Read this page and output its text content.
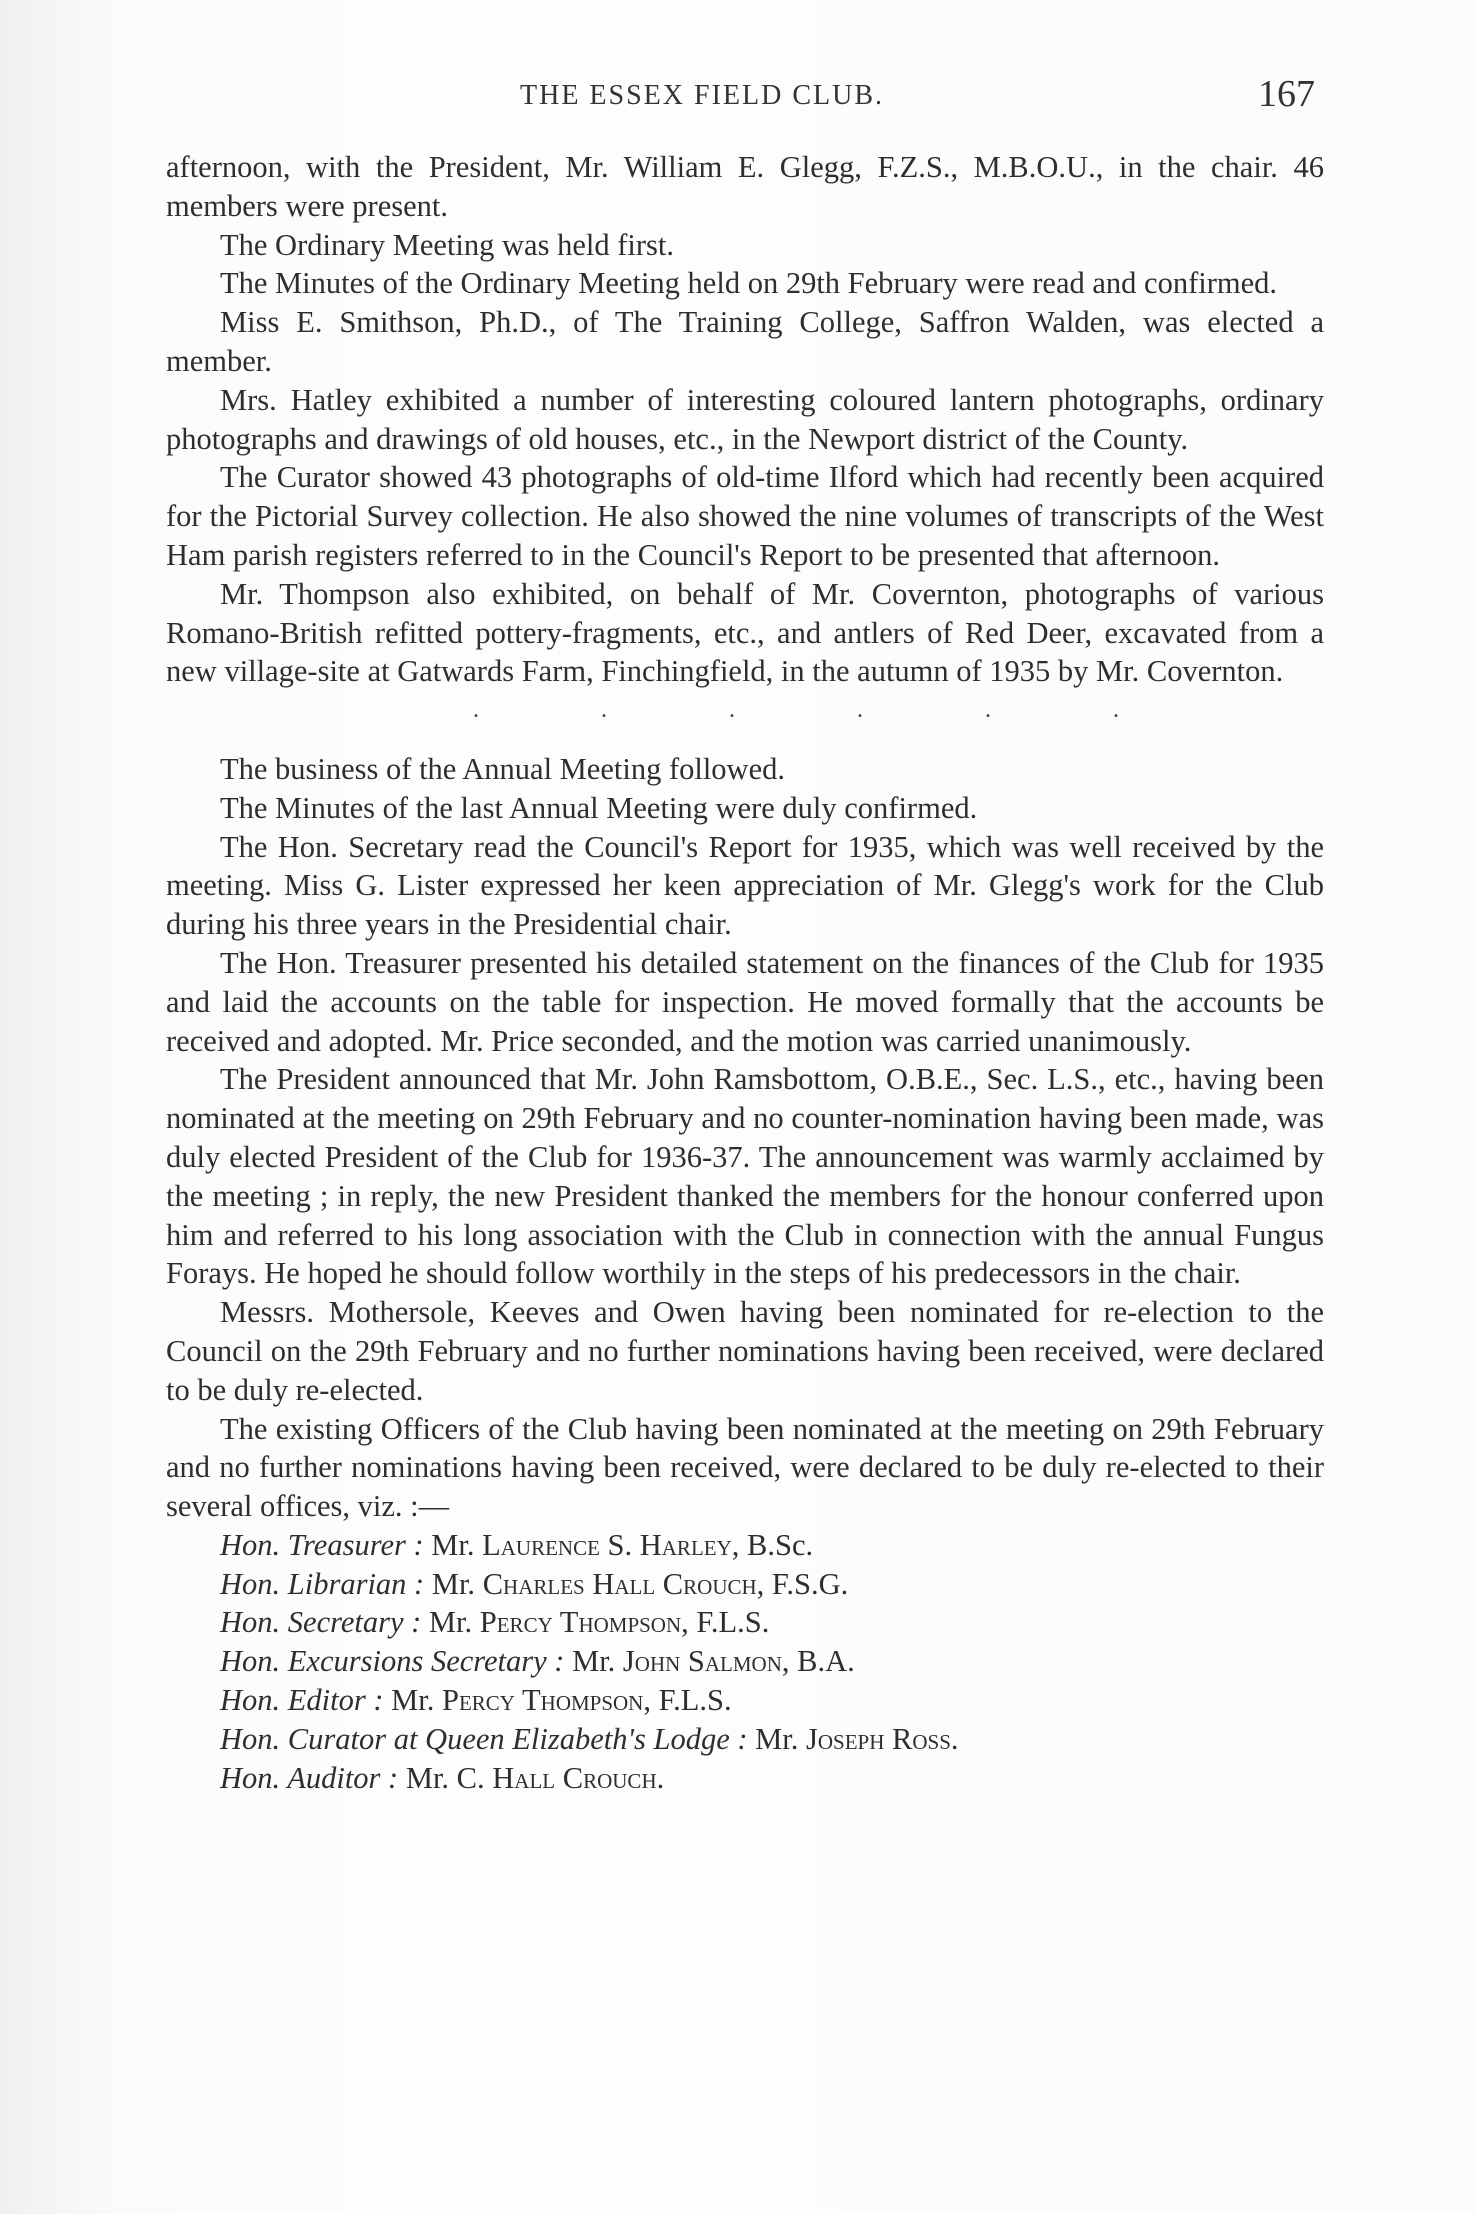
THE ESSEX FIELD CLUB.	167

afternoon, with the President, Mr. William E. Glegg, F.Z.S., M.B.O.U., in the chair. 46 members were present.

The Ordinary Meeting was held first.

The Minutes of the Ordinary Meeting held on 29th February were read and confirmed.

Miss E. Smithson, Ph.D., of The Training College, Saffron Walden, was elected a member.

Mrs. Hatley exhibited a number of interesting coloured lantern photographs, ordinary photographs and drawings of old houses, etc., in the Newport district of the County.

The Curator showed 43 photographs of old-time Ilford which had recently been acquired for the Pictorial Survey collection. He also showed the nine volumes of transcripts of the West Ham parish registers referred to in the Council's Report to be presented that afternoon.

Mr. Thompson also exhibited, on behalf of Mr. Covernton, photographs of various Romano-British refitted pottery-fragments, etc., and antlers of Red Deer, excavated from a new village-site at Gatwards Farm, Finchingfield, in the autumn of 1935 by Mr. Covernton.

. . . . . .

The business of the Annual Meeting followed.

The Minutes of the last Annual Meeting were duly confirmed.

The Hon. Secretary read the Council's Report for 1935, which was well received by the meeting. Miss G. Lister expressed her keen appreciation of Mr. Glegg's work for the Club during his three years in the Presidential chair.

The Hon. Treasurer presented his detailed statement on the finances of the Club for 1935 and laid the accounts on the table for inspection. He moved formally that the accounts be received and adopted. Mr. Price seconded, and the motion was carried unanimously.

The President announced that Mr. John Ramsbottom, O.B.E., Sec. L.S., etc., having been nominated at the meeting on 29th February and no counter-nomination having been made, was duly elected President of the Club for 1936-37. The announcement was warmly acclaimed by the meeting ; in reply, the new President thanked the members for the honour conferred upon him and referred to his long association with the Club in connection with the annual Fungus Forays. He hoped he should follow worthily in the steps of his predecessors in the chair.

Messrs. Mothersole, Keeves and Owen having been nominated for re-election to the Council on the 29th February and no further nominations having been received, were declared to be duly re-elected.

The existing Officers of the Club having been nominated at the meeting on 29th February and no further nominations having been received, were declared to be duly re-elected to their several offices, viz. :—

Hon. Treasurer : Mr. Laurence S. Harley, B.Sc.
Hon. Librarian : Mr. Charles Hall Crouch, F.S.G.
Hon. Secretary : Mr. Percy Thompson, F.L.S.
Hon. Excursions Secretary : Mr. John Salmon, B.A.
Hon. Editor : Mr. Percy Thompson, F.L.S.
Hon. Curator at Queen Elizabeth's Lodge : Mr. Joseph Ross.
Hon. Auditor : Mr. C. Hall Crouch.
